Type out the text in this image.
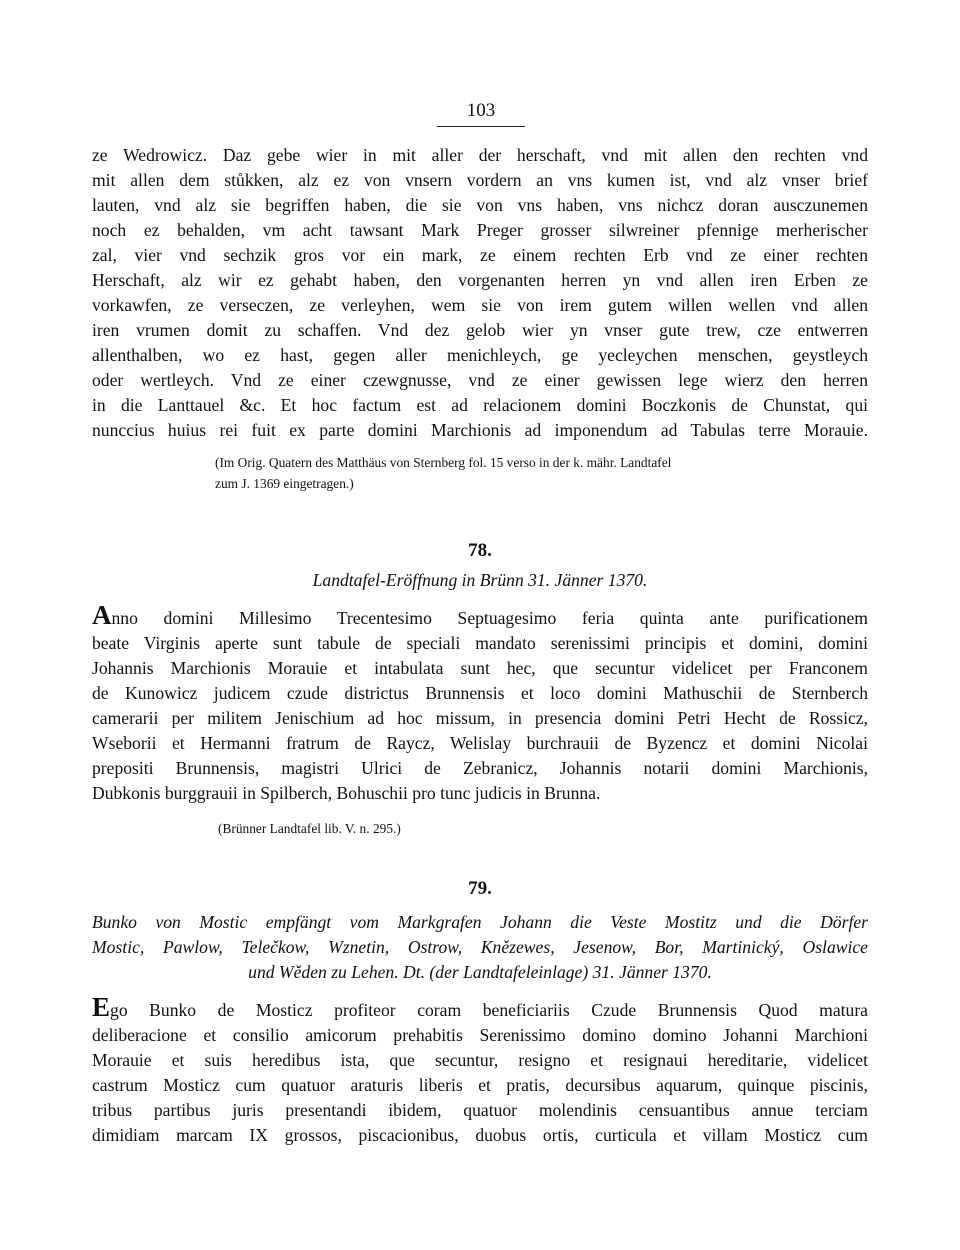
103
ze Wedrowicz. Daz gebe wier in mit aller der herschaft, vnd mit allen den rechten vnd
mit allen dem stůkken, alz ez von vnsern vordern an vns kumen ist, vnd alz vnser brief
lauten, vnd alz sie begriffen haben, die sie von vns haben, vns nichcz doran ausczunemen
noch ez behalden, vm acht tawsant Mark Preger grosser silwreiner pfennige merherischer
zal, vier vnd sechzik gros vor ein mark, ze einem rechten Erb vnd ze einer rechten
Herschaft, alz wir ez gehabt haben, den vorgenanten herren yn vnd allen iren Erben ze
vorkawfen, ze verseczen, ze verleyhen, wem sie von irem gutem willen wellen vnd allen
iren vrumen domit zu schaffen. Vnd dez gelob wier yn vnser gute trew, cze entwerren
allenthalben, wo ez hast, gegen aller menichleych, ge yecleychen menschen, geystleych
oder wertleych. Vnd ze einer czewgnusse, vnd ze einer gewissen lege wierz den herren
in die Lanttauel &c. Et hoc factum est ad relacionem domini Boczkonis de Chunstat, qui
nunccius huius rei fuit ex parte domini Marchionis ad imponendum ad Tabulas terre Morauie.
(Im Orig. Quatern des Matthäus von Sternberg fol. 15 verso in der k. mähr. Landtafel
zum J. 1369 eingetragen.)
78.
Landtafel-Eröffnung in Brünn 31. Jänner 1370.
Anno domini Millesimo Trecentesimo Septuagesimo feria quinta ante purificationem
beate Virginis aperte sunt tabule de speciali mandato serenissimi principis et domini, domini
Johannis Marchionis Morauie et intabulata sunt hec, que secuntur videlicet per Franconem
de Kunowicz judicem czude districtus Brunnensis et loco domini Mathuschii de Sternberch
camerarii per militem Jenischium ad hoc missum, in presencia domini Petri Hecht de Rossicz,
Wseborii et Hermanni fratrum de Raycz, Welislay burchrauii de Byzencz et domini Nicolai
prepositi Brunnensis, magistri Ulrici de Zebranicz, Johannis notarii domini Marchionis,
Dubkonis burggrauii in Spilberch, Bohuschii pro tunc judicis in Brunna.
(Brünner Landtafel lib. V. n. 295.)
79.
Bunko von Mostic empfängt vom Markgrafen Johann die Veste Mostitz und die Dörfer
Mostic, Pawlow, Telečkow, Wznetin, Ostrow, Knězewes, Jesenow, Bor, Martinický, Oslawice
und Wěden zu Lehen. Dt. (der Landtafeleinlage) 31. Jänner 1370.
Ego Bunko de Mosticz profiteor coram beneficiariis Czude Brunnensis Quod matura
deliberacione et consilio amicorum prehabitis Serenissimo domino domino Johanni Marchioni
Morauie et suis heredibus ista, que secuntur, resigno et resignaui hereditarie, videlicet
castrum Mosticz cum quatuor araturis liberis et pratis, decursibus aquarum, quinque piscinis,
tribus partibus juris presentandi ibidem, quatuor molendinis censuantibus annue terciam
dimidiam marcam IX grossos, piscacionibus, duobus ortis, curticula et villam Mosticz cum
